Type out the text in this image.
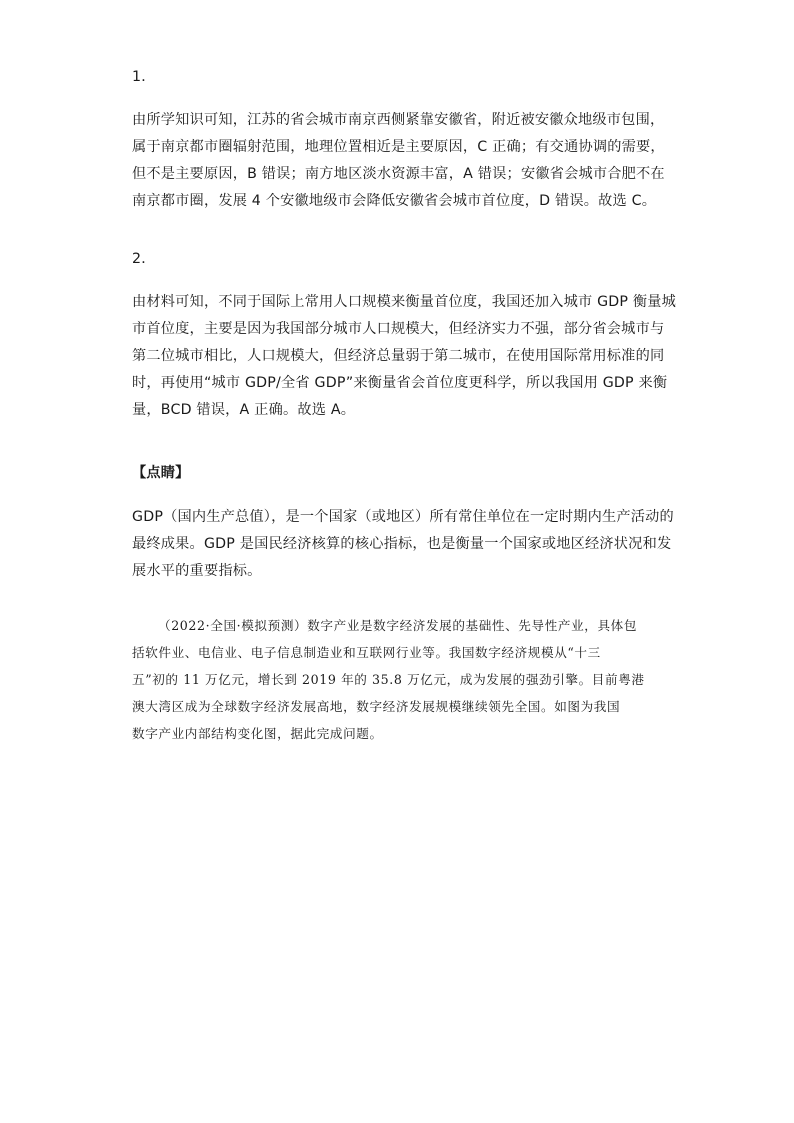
1．
由所学知识可知，江苏的省会城市南京西侧紧靠安徽省，附近被安徽众地级市包围，
属于南京都市圈辐射范围，地理位置相近是主要原因，C 正确；有交通协调的需要，
但不是主要原因，B 错误；南方地区淡水资源丰富，A 错误；安徽省会城市合肥不在
南京都市圈，发展 4 个安徽地级市会降低安徽省会城市首位度，D 错误。故选 C。
2．
由材料可知，不同于国际上常用人口规模来衡量首位度，我国还加入城市 GDP 衡量城
市首位度，主要是因为我国部分城市人口规模大，但经济实力不强，部分省会城市与
第二位城市相比，人口规模大，但经济总量弱于第二城市，在使用国际常用标准的同
时，再使用“城市 GDP/全省 GDP”来衡量省会首位度更科学，所以我国用 GDP 来衡
量，BCD 错误，A 正确。故选 A。
【点睛】
GDP（国内生产总值），是一个国家（或地区）所有常住单位在一定时期内生产活动的
最终成果。GDP 是国民经济核算的核心指标，也是衡量一个国家或地区经济状况和发
展水平的重要指标。
（2022·全国·模拟预测）数字产业是数字经济发展的基础性、先导性产业，具体包
括软件业、电信业、电子信息制造业和互联网行业等。我国数字经济规模从“十三
五”初的 11 万亿元，增长到 2019 年的 35.8 万亿元，成为发展的强劲引擎。目前粤港
澳大湾区成为全球数字经济发展高地，数字经济发展规模继续领先全国。如图为我国
数字产业内部结构变化图，据此完成问题。
